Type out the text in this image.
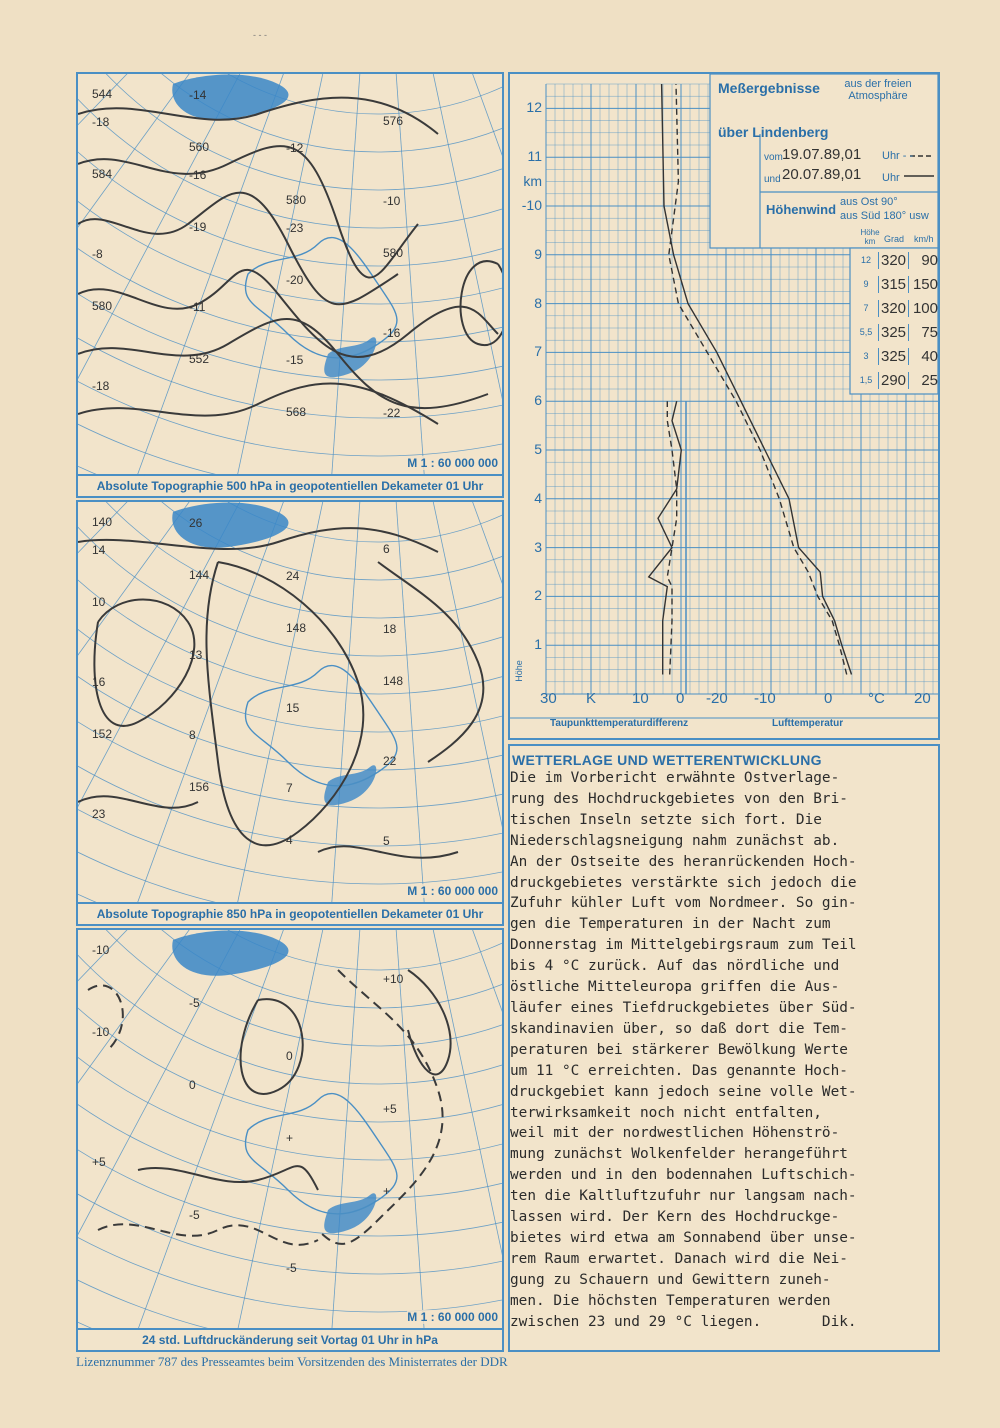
- - -
544
560
580
580
580
552
568
576
584
-19
-20
-16
-18
-14
-12
-10
-8
-11
-15
-22
-18
-16
-23
M 1 : 60 000 000
Absolute Topographie 500 hPa in geopotentiellen Dekameter 01 Uhr
140
144
148
148
152
156
4
6
10
13
15
22
23
26
24
18
16
8
7
5
14
M 1 : 60 000 000
Absolute Topographie 850 hPa in geopotentiellen Dekameter 01 Uhr
-10
-5
0
+5
+5
-5
-5
+10
-10
0
+
+
M 1 : 60 000 000
24 std. Luftdruckänderung seit Vortag 01 Uhr in hPa
Meßergebnisse	aus der freien Atmosphäre
über Lindenberg
vom 19.07.89,01 Uhr - -
und 20.07.89,01 Uhr
Höhenwind aus Ost 90°
aus Süd 180° usw
Höhe km Grad km/h
12 320	90
9 315 150
7 320 100
5,5 325	75
3 325	40
1,5 290	25
Höhe
12
11
-10
9
8
7
6
5
4
3
2
1
km
30 K 10 0 -20 -10	0 °C 20
Taupunkttemperaturdifferenz	Lufttemperatur
WETTERLAGE UND WETTERENTWICKLUNG
Die im Vorbericht erwähnte Ostverlage-
rung des Hochdruckgebietes von den Bri-
tischen Inseln setzte sich fort. Die
Niederschlagsneigung nahm zunächst ab.
An der Ostseite des heranrückenden Hoch-
druckgebietes verstärkte sich jedoch die
Zufuhr kühler Luft vom Nordmeer. So gin-
gen die Temperaturen in der Nacht zum
Donnerstag im Mittelgebirgsraum zum Teil
bis 4 °C zurück. Auf das nördliche und
östliche Mitteleuropa griffen die Aus-
läufer eines Tiefdruckgebietes über Süd-
skandinavien über, so daß dort die Tem-
peraturen bei stärkerer Bewölkung Werte
um 11 °C erreichten. Das genannte Hoch-
druckgebiet kann jedoch seine volle Wet-
terwirksamkeit noch nicht entfalten,
weil mit der nordwestlichen Höhenströ-
mung zunächst Wolkenfelder herangeführt
werden und in den bodennahen Luftschich-
ten die Kaltluftzufuhr nur langsam nach-
lassen wird. Der Kern des Hochdruckge-
bietes wird etwa am Sonnabend über unse-
rem Raum erwartet. Danach wird die Nei-
gung zu Schauern und Gewittern zuneh-
men. Die höchsten Temperaturen werden
zwischen 23 und 29 °C liegen.       Dik.
Lizenznummer 787 des Presseamtes beim Vorsitzenden des Ministerrates der DDR
